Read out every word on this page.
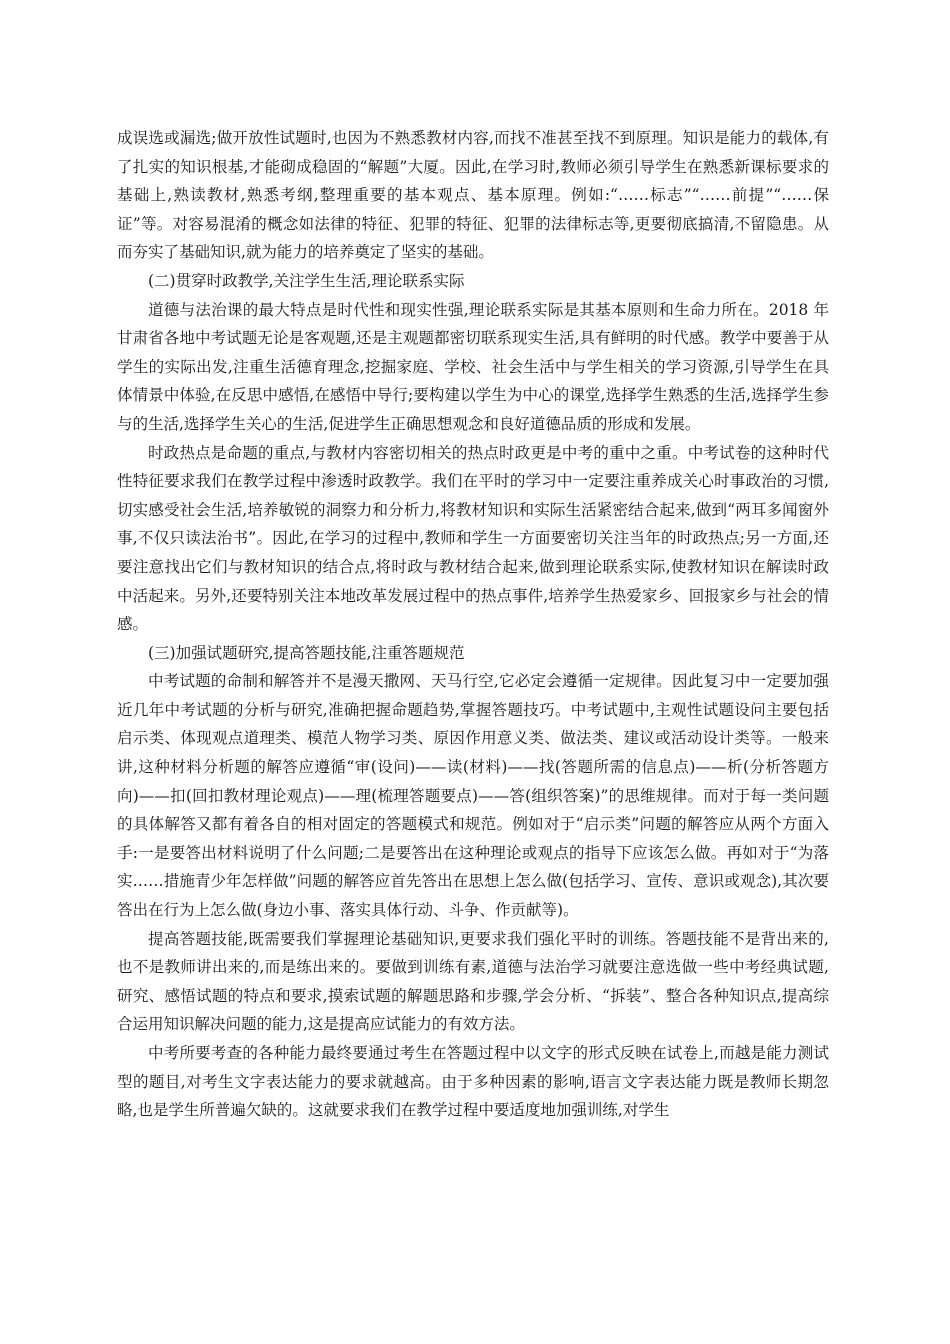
成误选或漏选;做开放性试题时,也因为不熟悉教材内容,而找不准甚至找不到原理。知识是能力的载体,有了扎实的知识根基,才能砌成稳固的“解题”大厦。因此,在学习时,教师必须引导学生在熟悉新课标要求的基础上,熟读教材,熟悉考纲,整理重要的基本观点、基本原理。例如:“……标志”“……前提”“……保证”等。对容易混淆的概念如法律的特征、犯罪的特征、犯罪的法律标志等,更要彻底搞清,不留隐患。从而夯实了基础知识,就为能力的培养奠定了坚实的基础。

(二)贯穿时政教学,关注学生生活,理论联系实际

道德与法治课的最大特点是时代性和现实性强,理论联系实际是其基本原则和生命力所在。2018 年甘肃省各地中考试题无论是客观题,还是主观题都密切联系现实生活,具有鲜明的时代感。教学中要善于从学生的实际出发,注重生活德育理念,挖掘家庭、学校、社会生活中与学生相关的学习资源,引导学生在具体情景中体验,在反思中感悟,在感悟中导行;要构建以学生为中心的课堂,选择学生熟悉的生活,选择学生参与的生活,选择学生关心的生活,促进学生正确思想观念和良好道德品质的形成和发展。

时政热点是命题的重点,与教材内容密切相关的热点时政更是中考的重中之重。中考试卷的这种时代性特征要求我们在教学过程中渗透时政教学。我们在平时的学习中一定要注重养成关心时事政治的习惯,切实感受社会生活,培养敏锐的洞察力和分析力,将教材知识和实际生活紧密结合起来,做到“两耳多闻窗外事,不仅只读法治书”。因此,在学习的过程中,教师和学生一方面要密切关注当年的时政热点;另一方面,还要注意找出它们与教材知识的结合点,将时政与教材结合起来,做到理论联系实际,使教材知识在解读时政中活起来。另外,还要特别关注本地改革发展过程中的热点事件,培养学生热爱家乡、回报家乡与社会的情感。

(三)加强试题研究,提高答题技能,注重答题规范

中考试题的命制和解答并不是漫天撒网、天马行空,它必定会遵循一定规律。因此复习中一定要加强近几年中考试题的分析与研究,准确把握命题趋势,掌握答题技巧。中考试题中,主观性试题设问主要包括启示类、体现观点道理类、模范人物学习类、原因作用意义类、做法类、建议或活动设计类等。一般来讲,这种材料分析题的解答应遵循“审(设问)——读(材料)——找(答题所需的信息点)——析(分析答题方向)——扣(回扣教材理论观点)——理(梳理答题要点)——答(组织答案)”的思维规律。而对于每一类问题的具体解答又都有着各自的相对固定的答题模式和规范。例如对于“启示类”问题的解答应从两个方面入手:一是要答出材料说明了什么问题;二是要答出在这种理论或观点的指导下应该怎么做。再如对于“为落实……措施青少年怎样做”问题的解答应首先答出在思想上怎么做(包括学习、宣传、意识或观念),其次要答出在行为上怎么做(身边小事、落实具体行动、斗争、作贡献等)。

提高答题技能,既需要我们掌握理论基础知识,更要求我们强化平时的训练。答题技能不是背出来的,也不是教师讲出来的,而是练出来的。要做到训练有素,道德与法治学习就要注意选做一些中考经典试题,研究、感悟试题的特点和要求,摸索试题的解题思路和步骤,学会分析、“拆装”、整合各种知识点,提高综合运用知识解决问题的能力,这是提高应试能力的有效方法。

中考所要考查的各种能力最终要通过考生在答题过程中以文字的形式反映在试卷上,而越是能力测试型的题目,对考生文字表达能力的要求就越高。由于多种因素的影响,语言文字表达能力既是教师长期忽略,也是学生所普遍欠缺的。这就要求我们在教学过程中要适度地加强训练,对学生
